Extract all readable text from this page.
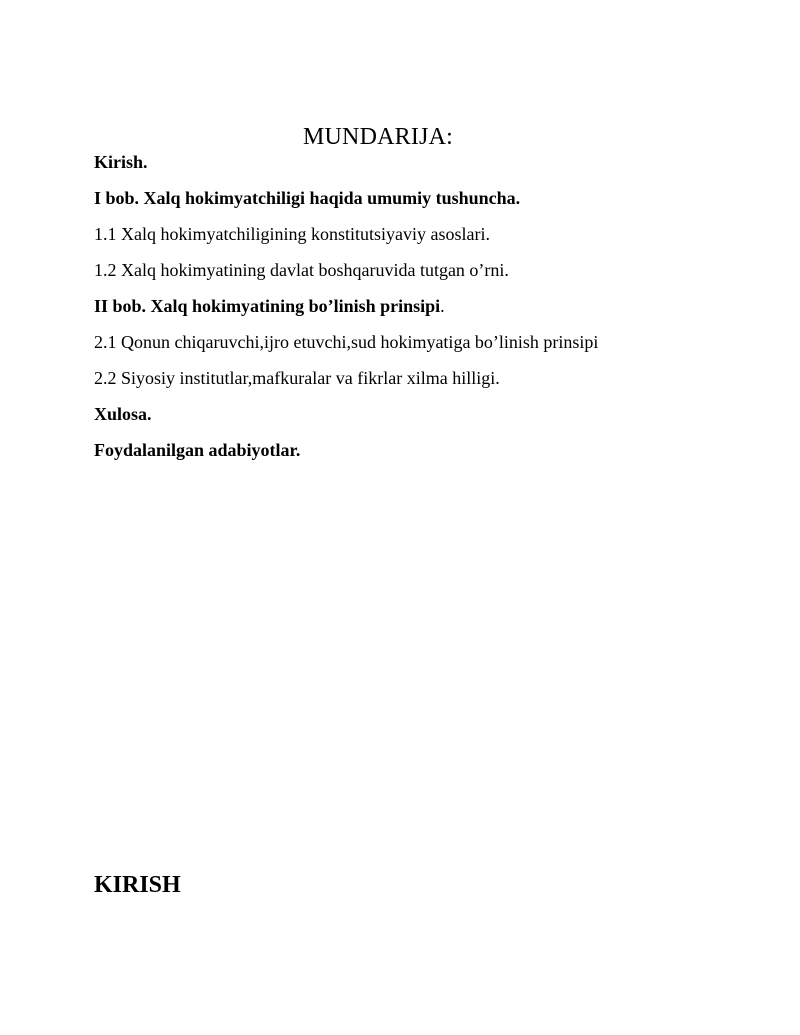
MUNDARIJA:
Kirish.
I bob. Xalq hokimyatchiligi haqida umumiy tushuncha.
1.1 Xalq hokimyatchiligining konstitutsiyaviy asoslari.
1.2 Xalq hokimyatining davlat boshqaruvida tutgan o’rni.
II bob. Xalq hokimyatining bo’linish prinsipi.
2.1 Qonun chiqaruvchi,ijro etuvchi,sud hokimyatiga bo’linish prinsipi
2.2 Siyosiy institutlar,mafkuralar va fikrlar xilma hilligi.
Xulosa.
Foydalanilgan adabiyotlar.
KIRISH
